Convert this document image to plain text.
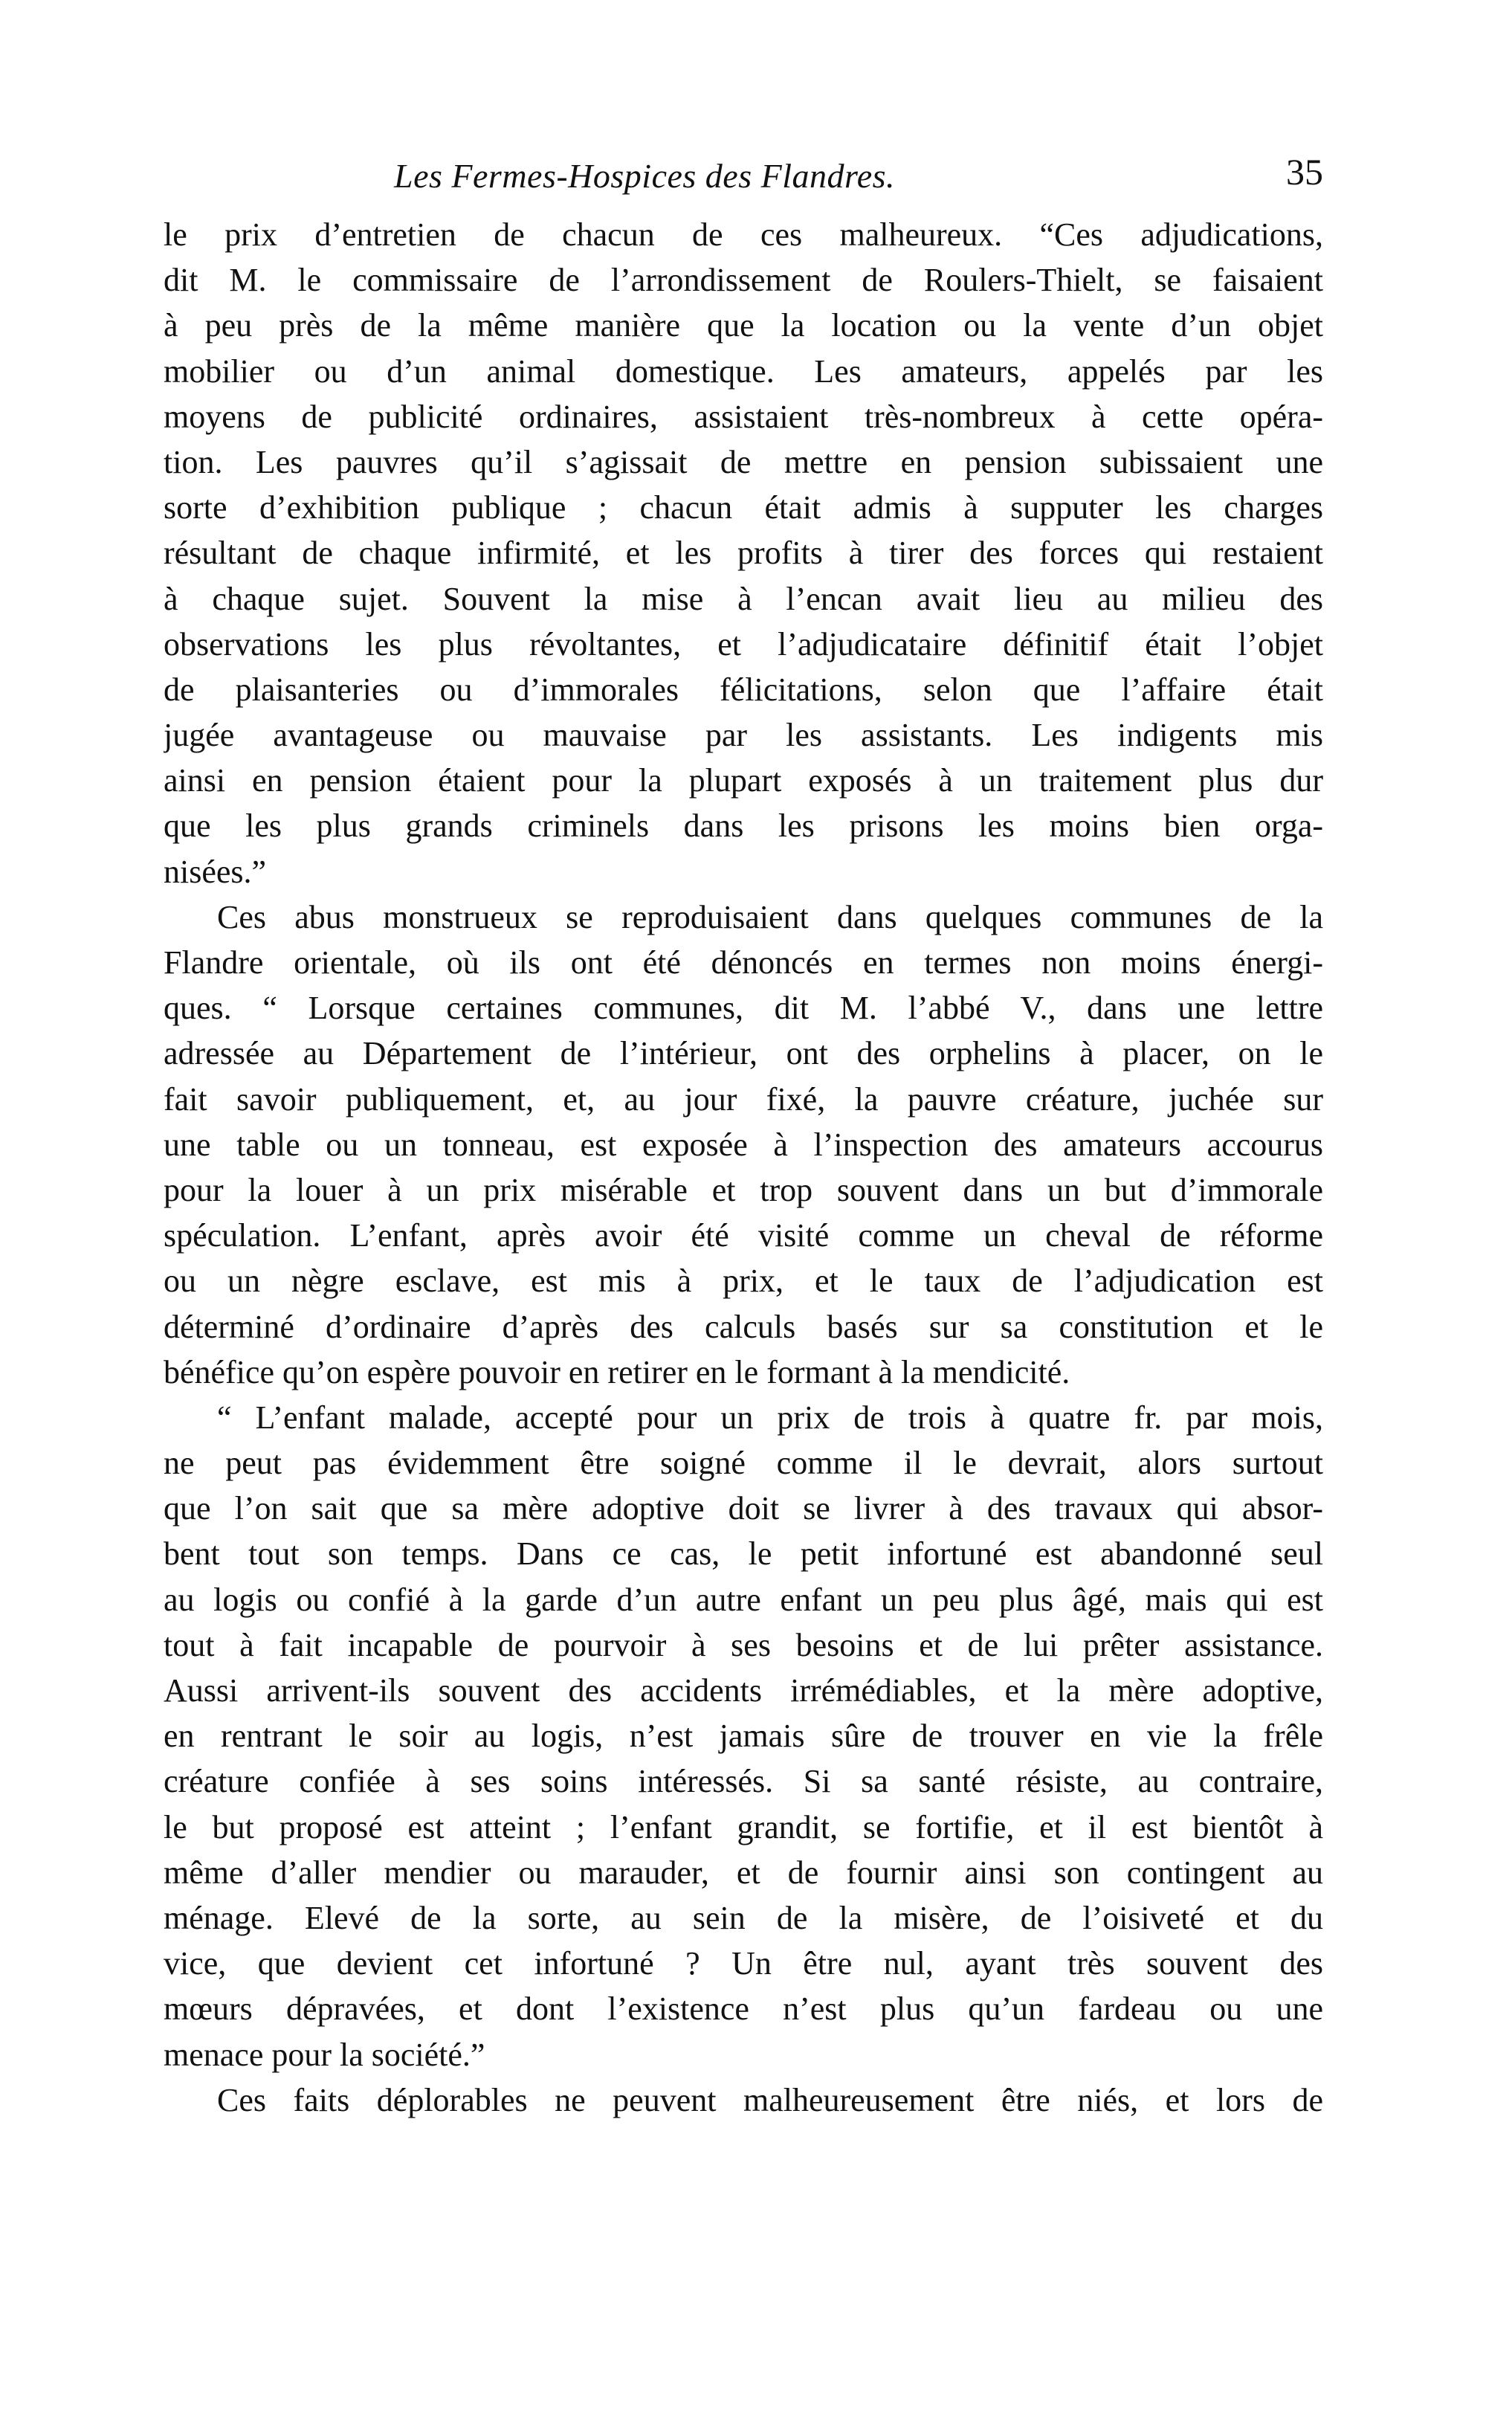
Les Fermes-Hospices des Flandres.	35
le prix d’entretien de chacun de ces malheureux. “Ces adjudications,
dit M. le commissaire de l’arrondissement de Roulers-Thielt, se faisaient
à peu près de la même manière que la location ou la vente d’un objet
mobilier ou d’un animal domestique. Les amateurs, appelés par les
moyens de publicité ordinaires, assistaient très-nombreux à cette opéra-
tion. Les pauvres qu’il s’agissait de mettre en pension subissaient une
sorte d’exhibition publique ; chacun était admis à supputer les charges
résultant de chaque infirmité, et les profits à tirer des forces qui restaient
à chaque sujet. Souvent la mise à l’encan avait lieu au milieu des
observations les plus révoltantes, et l’adjudicataire définitif était l’objet
de plaisanteries ou d’immorales félicitations, selon que l’affaire était
jugée avantageuse ou mauvaise par les assistants. Les indigents mis
ainsi en pension étaient pour la plupart exposés à un traitement plus dur
que les plus grands criminels dans les prisons les moins bien orga-
nisées.”
Ces abus monstrueux se reproduisaient dans quelques communes de la
Flandre orientale, où ils ont été dénoncés en termes non moins énergi-
ques. “ Lorsque certaines communes, dit M. l’abbé V., dans une lettre
adressée au Département de l’intérieur, ont des orphelins à placer, on le
fait savoir publiquement, et, au jour fixé, la pauvre créature, juchée sur
une table ou un tonneau, est exposée à l’inspection des amateurs accourus
pour la louer à un prix misérable et trop souvent dans un but d’immorale
spéculation. L’enfant, après avoir été visité comme un cheval de réforme
ou un nègre esclave, est mis à prix, et le taux de l’adjudication est
déterminé d’ordinaire d’après des calculs basés sur sa constitution et le
bénéfice qu’on espère pouvoir en retirer en le formant à la mendicité.
“ L’enfant malade, accepté pour un prix de trois à quatre fr. par mois,
ne peut pas évidemment être soigné comme il le devrait, alors surtout
que l’on sait que sa mère adoptive doit se livrer à des travaux qui absor-
bent tout son temps. Dans ce cas, le petit infortuné est abandonné seul
au logis ou confié à la garde d’un autre enfant un peu plus âgé, mais qui est
tout à fait incapable de pourvoir à ses besoins et de lui prêter assistance.
Aussi arrivent-ils souvent des accidents irrémédiables, et la mère adoptive,
en rentrant le soir au logis, n’est jamais sûre de trouver en vie la frêle
créature confiée à ses soins intéressés. Si sa santé résiste, au contraire,
le but proposé est atteint ; l’enfant grandit, se fortifie, et il est bientôt à
même d’aller mendier ou marauder, et de fournir ainsi son contingent au
ménage. Elevé de la sorte, au sein de la misère, de l’oisiveté et du
vice, que devient cet infortuné ? Un être nul, ayant très souvent des
mœurs dépravées, et dont l’existence n’est plus qu’un fardeau ou une
menace pour la société.”
Ces faits déplorables ne peuvent malheureusement être niés, et lors de
